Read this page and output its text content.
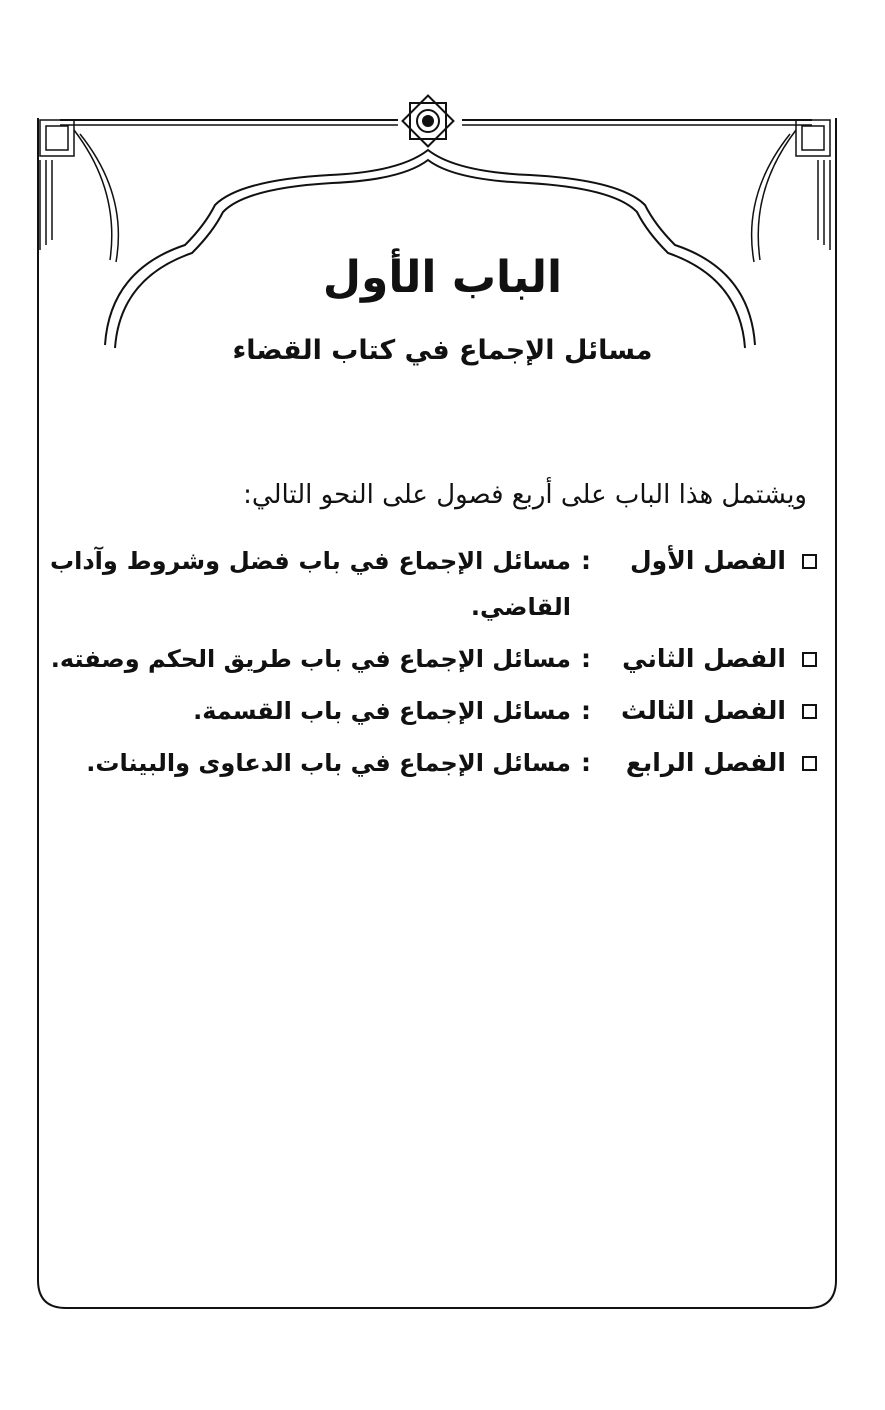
الباب الأول
مسائل الإجماع في كتاب القضاء
ويشتمل هذا الباب على أربع فصول على النحو التالي:
الفصل الأول
:
مسائل الإجماع في باب فضل وشروط وآداب القاضي.
الفصل الثاني
:
مسائل الإجماع في باب طريق الحكم وصفته.
الفصل الثالث
:
مسائل الإجماع في باب القسمة.
الفصل الرابع
:
مسائل الإجماع في باب الدعاوى والبينات.
